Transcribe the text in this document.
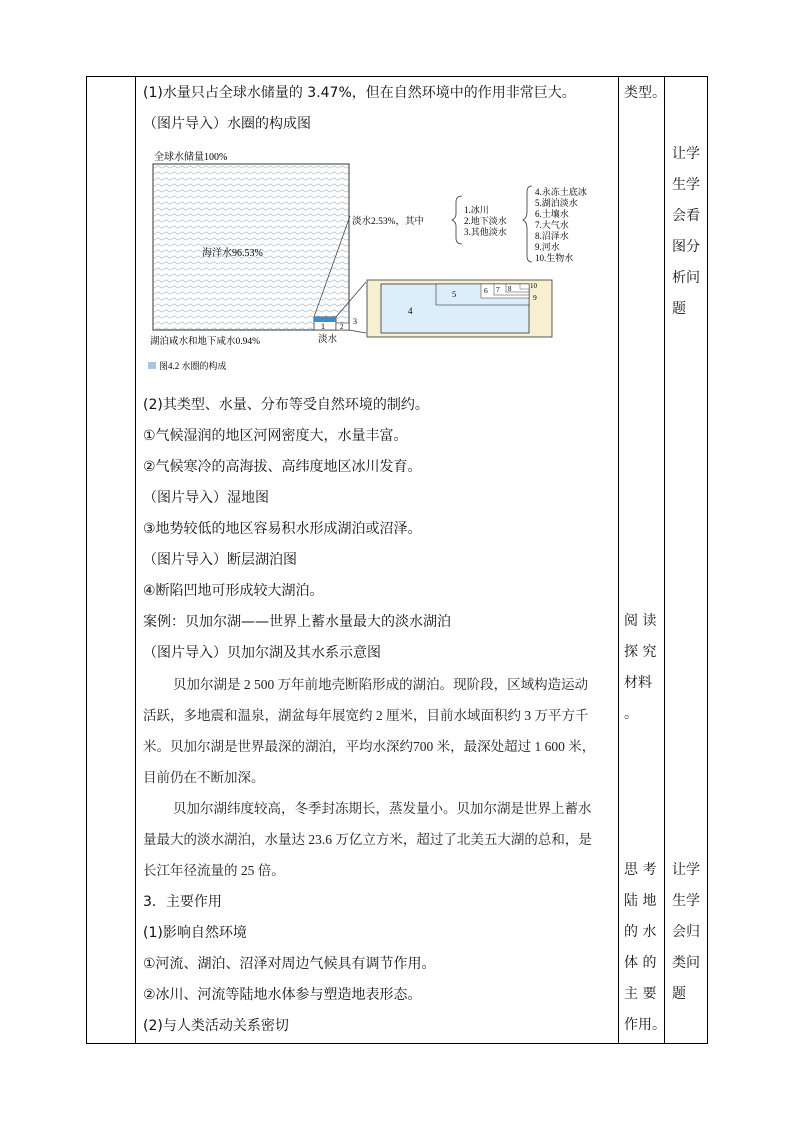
(1)水量只占全球水储量的 3.47%，但在自然环境中的作用非常巨大。
（图片导入）水圈的构成图
全球水储量100%
海洋水96.53%
1 2
3
湖泊咸水和地下咸水0.94%	淡水
淡水2.53%，其中
1.冰川
2.地下淡水
3.其他淡水
4.永冻土底冰
5.湖泊淡水
6.土壤水
7.大气水
8.沼泽水
9.河水
10.生物水
4
5	6 7 8
9
10
图4.2 水圈的构成
(2)其类型、水量、分布等受自然环境的制约。
①气候湿润的地区河网密度大，水量丰富。
②气候寒冷的高海拔、高纬度地区冰川发育。
（图片导入）湿地图
③地势较低的地区容易积水形成湖泊或沼泽。
（图片导入）断层湖泊图
④断陷凹地可形成较大湖泊。
案例：贝加尔湖——世界上蓄水量最大的淡水湖泊
（图片导入）贝加尔湖及其水系示意图
贝加尔湖是 2 500 万年前地壳断陷形成的湖泊。现阶段，区域构造运动
活跃，多地震和温泉，湖盆每年展宽约 2 厘米，目前水域面积约 3 万平方千
米。贝加尔湖是世界最深的湖泊，平均水深约700 米，最深处超过 1 600 米，
目前仍在不断加深。
贝加尔湖纬度较高，冬季封冻期长，蒸发量小。贝加尔湖是世界上蓄水
量最大的淡水湖泊，水量达 23.6 万亿立方米，超过了北美五大湖的总和，是
长江年径流量的 25 倍。
3．主要作用
(1)影响自然环境
①河流、湖泊、沼泽对周边气候具有调节作用。
②冰川、河流等陆地水体参与塑造地表形态。
(2)与人类活动关系密切
类型。
阅 读
探 究
材料
。
思 考
陆 地
的 水
体 的
主 要
作用。
让学
生学
会看
图分
析问
题
让学
生学
会归
类问
题
